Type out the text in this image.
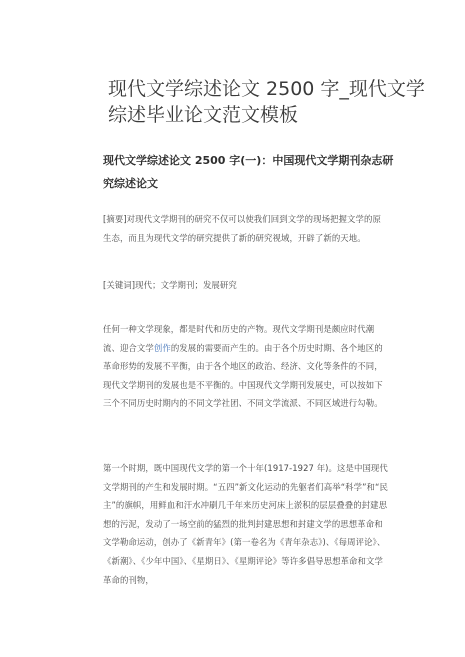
现代文学综述论文 2500 字_现代文学综述毕业论文范文模板
现代文学综述论文 2500 字(一)：中国现代文学期刊杂志研究综述论文

[摘要]对现代文学期刊的研究不仅可以使我们回到文学的现场把握文学的原生态，而且为现代文学的研究提供了新的研究视域，开辟了新的天地。

[关键词]现代；文学期刊；发展研究

任何一种文学现象，都是时代和历史的产物。现代文学期刊是颇应时代潮流、迎合文学创作的发展的需要而产生的。由于各个历史时期、各个地区的革命形势的发展不平衡，由于各个地区的政治、经济、文化等条件的不同，现代文学期刊的发展也是不平衡的。中国现代文学期刊发展史，可以按如下三个不同历史时期内的不同文学社团、不同文学流派、不同区域进行勾勒。

第一个时期，既中国现代文学的第一个十年(1917-1927 年)。这是中国现代文学期刊的产生和发展时期。“五四”新文化运动的先躯者们高举“科学”和“民主”的旗帜，用鲜血和汗水冲刷几千年来历史河床上淤积的层层叠叠的封建思想的污泥，发动了一场空前的猛烈的批判封建思想和封建文学的思想革命和文学勒命运动，创办了《新青年》(第一卷名为《青年杂志》)、《每周评论》、《新潮》、《少年中国》、《星期日》、《星期评论》等许多倡导思想革命和文学革命的刊物，
